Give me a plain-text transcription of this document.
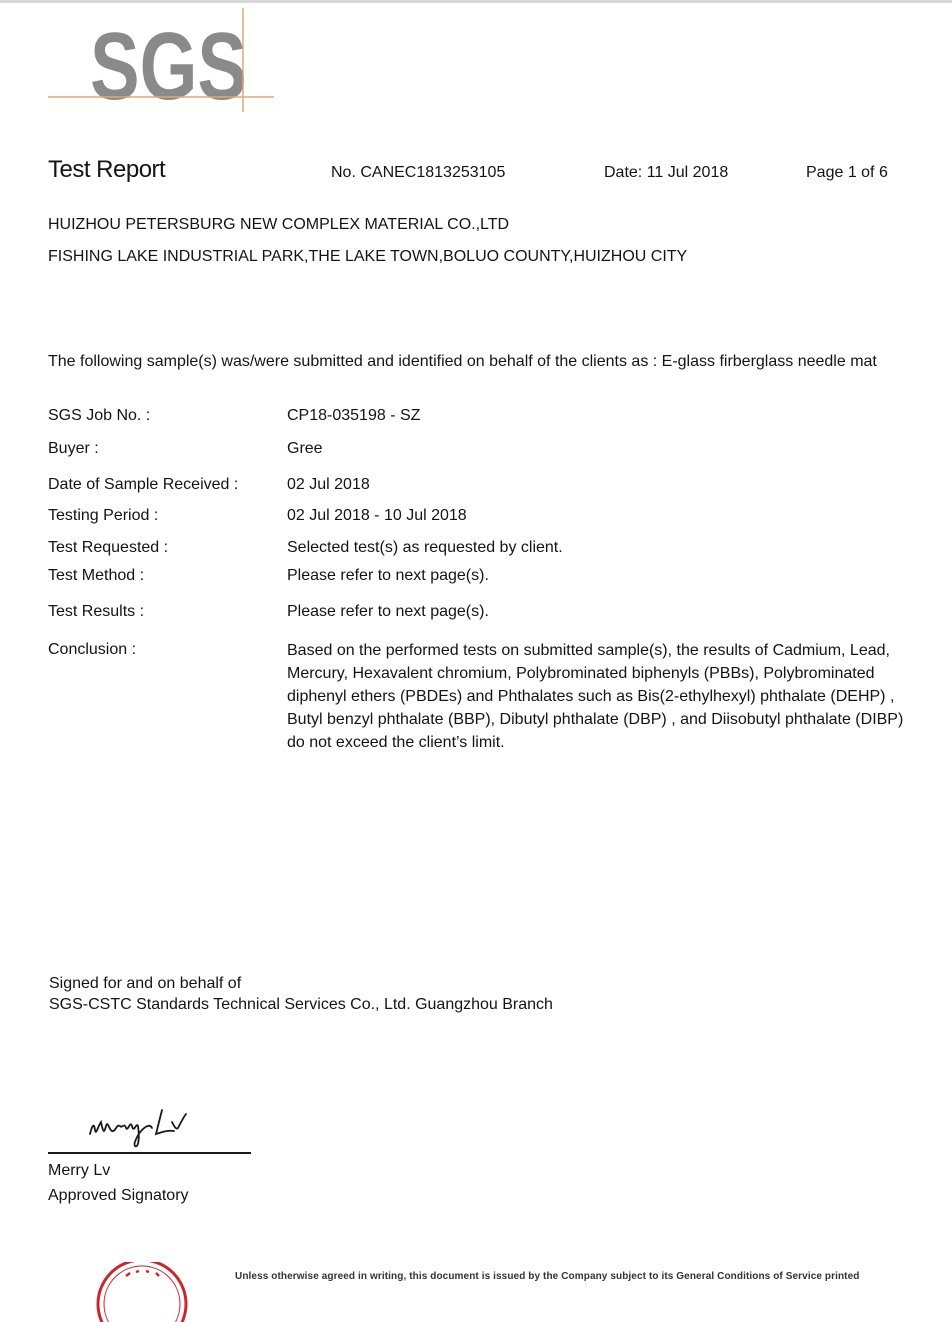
SGS
Test Report	No. CANEC1813253105	Date: 11 Jul 2018	Page 1 of 6
HUIZHOU PETERSBURG NEW COMPLEX MATERIAL CO.,LTD
FISHING LAKE INDUSTRIAL PARK,THE LAKE TOWN,BOLUO COUNTY,HUIZHOU CITY
The following sample(s) was/were submitted and identified on behalf of the clients as : E-glass firberglass needle mat
SGS Job No. :	CP18-035198 - SZ
Buyer :	Gree
Date of Sample Received :	02 Jul 2018
Testing Period :	02 Jul 2018 - 10 Jul 2018
Test Requested :	Selected test(s) as requested by client.
Test Method :	Please refer to next page(s).
Test Results :	Please refer to next page(s).
Conclusion :	Based on the performed tests on submitted sample(s), the results of Cadmium, Lead, Mercury, Hexavalent chromium, Polybrominated biphenyls (PBBs), Polybrominated diphenyl ethers (PBDEs) and Phthalates such as Bis(2-ethylhexyl) phthalate (DEHP) , Butyl benzyl phthalate (BBP), Dibutyl phthalate (DBP) , and Diisobutyl phthalate (DIBP) do not exceed the client’s limit.
Signed for and on behalf of
SGS-CSTC Standards Technical Services Co., Ltd. Guangzhou Branch
Merry Lv
Approved Signatory
Unless otherwise agreed in writing, this document is issued by the Company subject to its General Conditions of Service printed
